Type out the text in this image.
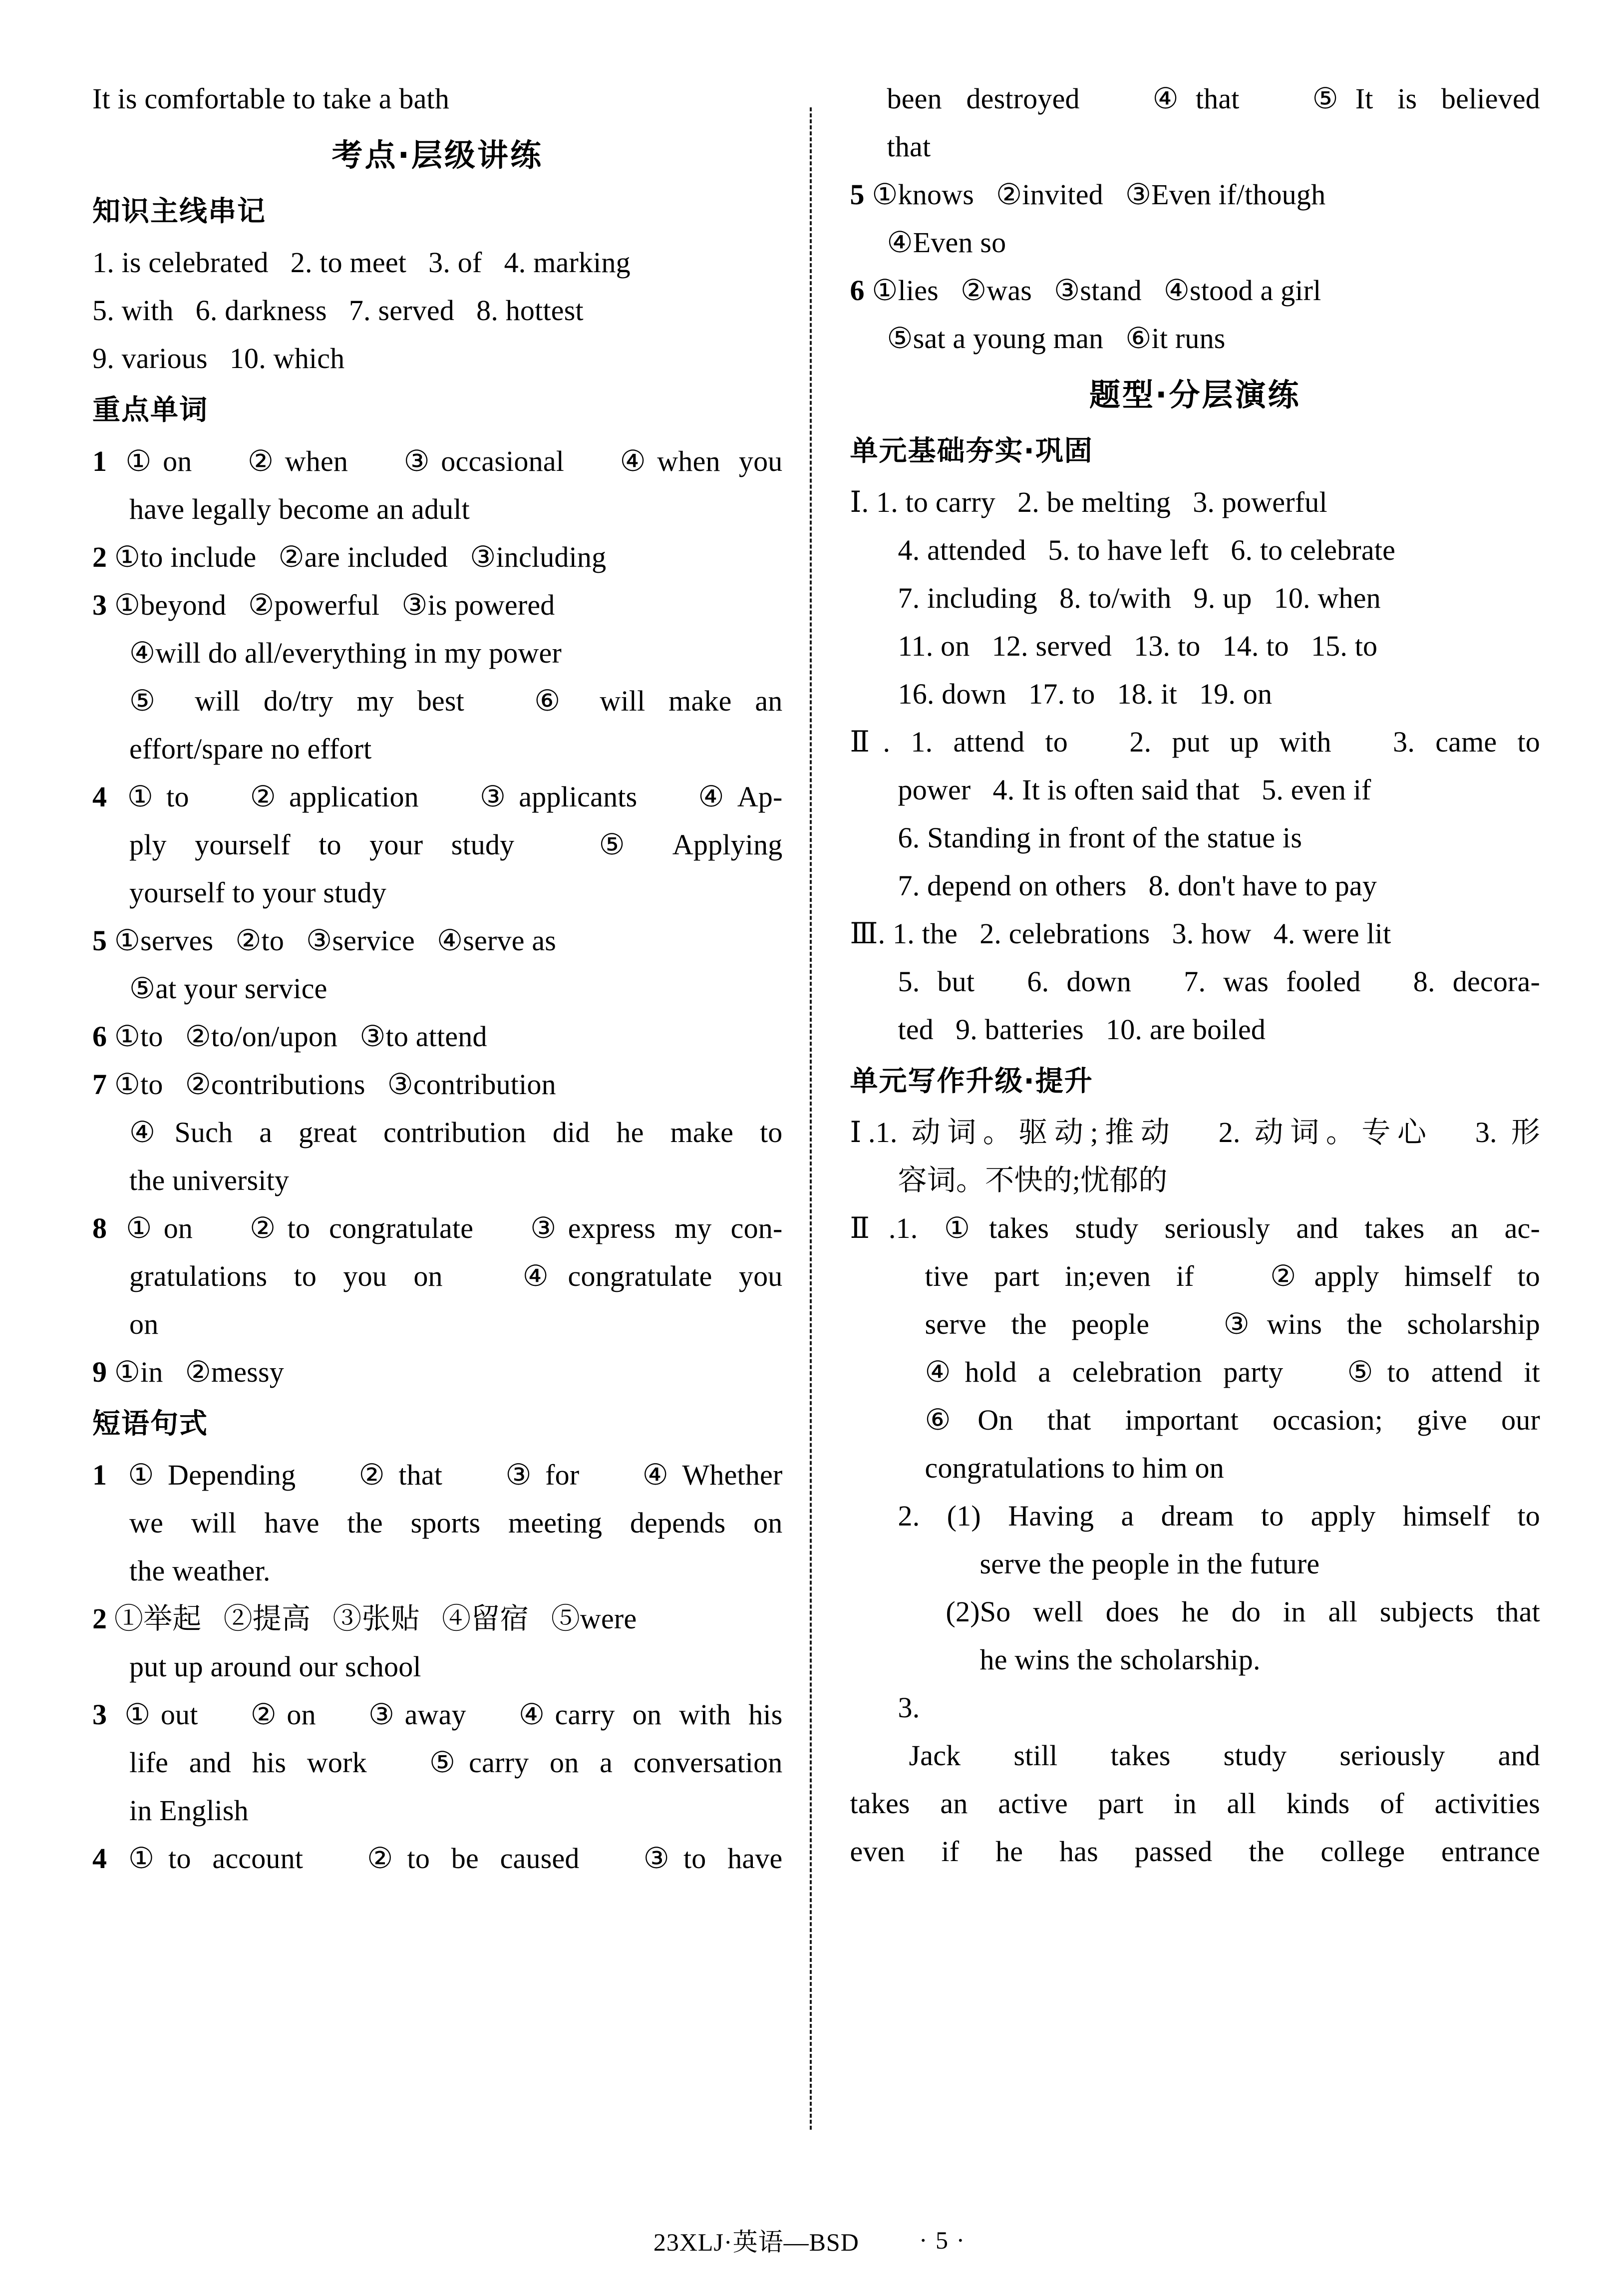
It is comfortable to take a bath
考点·层级讲练
知识主线串记
1. is celebrated   2. to meet   3. of   4. marking
5. with   6. darkness   7. served   8. hottest
9. various   10. which
重点单词
1 ①on   ②when   ③occasional   ④when you
have legally become an adult
2 ①to include   ②are included   ③including
3 ①beyond   ②powerful   ③is powered
④will do all/everything in my power
⑤ will do/try my best   ⑥ will make an
effort/spare no effort
4 ①to   ②application   ③applicants   ④Ap-
ply yourself to your study   ⑤ Applying
yourself to your study
5 ①serves   ②to   ③service   ④serve as
⑤at your service
6 ①to   ②to/on/upon   ③to attend
7 ①to   ②contributions   ③contribution
④Such a great contribution did he make to
the university
8 ①on   ②to congratulate   ③express my con-
gratulations to you on   ④congratulate you
on
9 ①in   ②messy
短语句式
1 ①Depending   ②that   ③for   ④Whether
we will have the sports meeting depends on
the weather.
2 ①举起   ②提高   ③张贴   ④留宿   ⑤were
put up around our school
3 ①out   ②on   ③away   ④carry on with his
life and his work   ⑤carry on a conversation
in English
4 ①to account   ②to be caused   ③to have
been destroyed   ④that   ⑤It is believed
that
5 ①knows   ②invited   ③Even if/though
④Even so
6 ①lies   ②was   ③stand   ④stood a girl
⑤sat a young man   ⑥it runs
题型·分层演练
单元基础夯实·巩固
Ⅰ. 1. to carry   2. be melting   3. powerful
4. attended   5. to have left   6. to celebrate
7. including   8. to/with   9. up   10. when
11. on   12. served   13. to   14. to   15. to
16. down   17. to   18. it   19. on
Ⅱ. 1. attend to   2. put up with   3. came to
power   4. It is often said that   5. even if
6. Standing in front of the statue is
7. depend on others   8. don't have to pay
Ⅲ. 1. the   2. celebrations   3. how   4. were lit
5. but   6. down   7. was fooled   8. decora-
ted   9. batteries   10. are boiled
单元写作升级·提升
Ⅰ.1. 动词。驱动;推动   2. 动词。专心   3. 形
容词。不快的;忧郁的
Ⅱ.1. ①takes study seriously and takes an ac-
tive part in;even if   ②apply himself to
serve the people   ③wins the scholarship
④hold a celebration party   ⑤to attend it
⑥On that important occasion; give our
congratulations to him on
2. (1) Having a dream to apply himself to
serve the people in the future
(2)So well does he do in all subjects that
he wins the scholarship.
3.
Jack still takes study seriously and
takes an active part in all kinds of activities
even if he has passed the college entrance
23XLJ·英语—BSD · 5 ·
